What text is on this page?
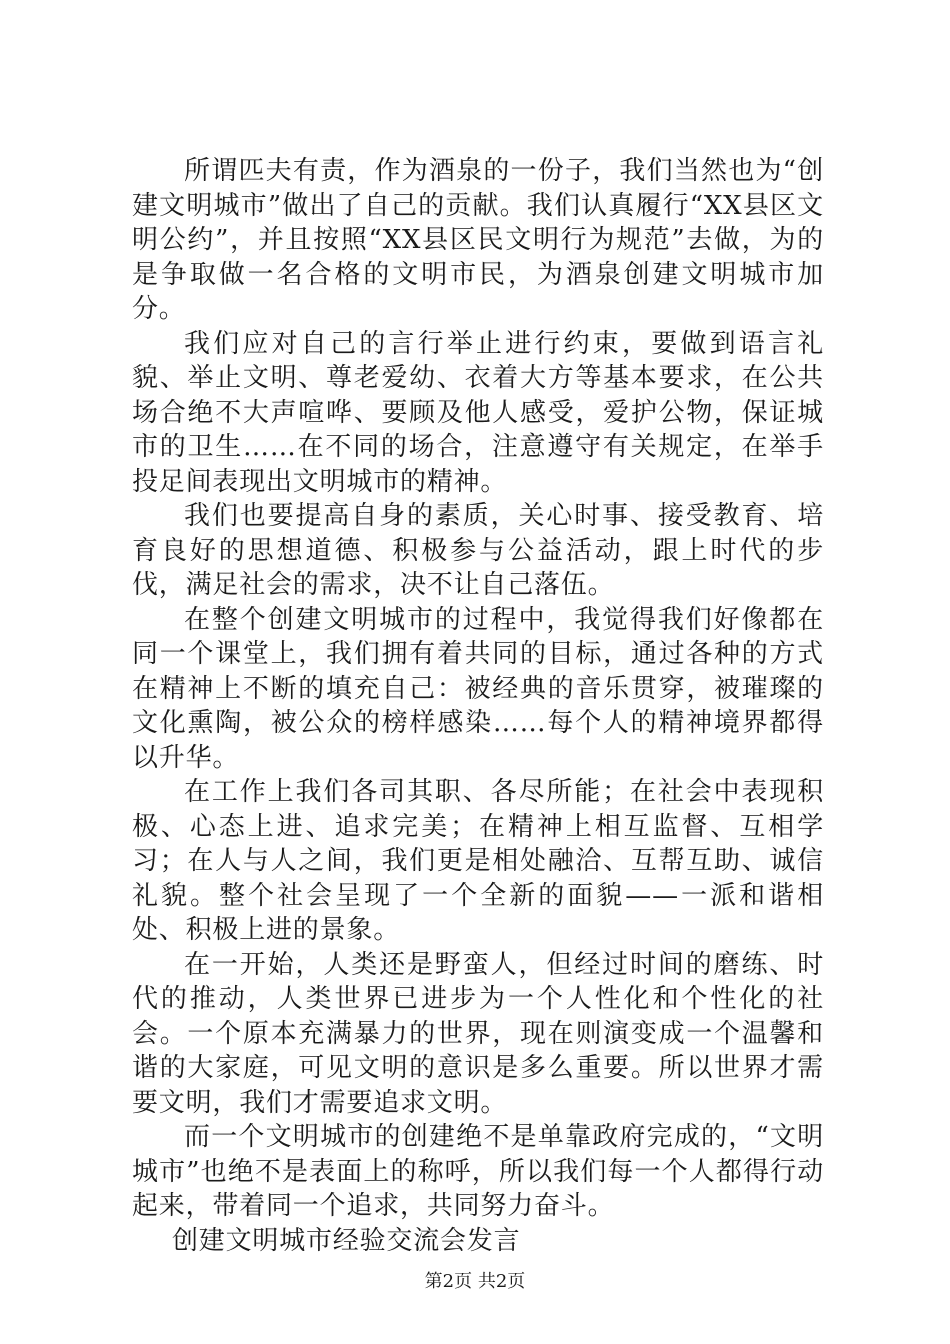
所谓匹夫有责，作为酒泉的一份子，我们当然也为“创建文明城市”做出了自己的贡献。我们认真履行“XX县区文明公约”，并且按照“XX县区民文明行为规范”去做，为的是争取做一名合格的文明市民，为酒泉创建文明城市加分。

我们应对自己的言行举止进行约束，要做到语言礼貌、举止文明、尊老爱幼、衣着大方等基本要求，在公共场合绝不大声喧哗、要顾及他人感受，爱护公物，保证城市的卫生……在不同的场合，注意遵守有关规定，在举手投足间表现出文明城市的精神。

我们也要提高自身的素质，关心时事、接受教育、培育良好的思想道德、积极参与公益活动，跟上时代的步伐，满足社会的需求，决不让自己落伍。

在整个创建文明城市的过程中，我觉得我们好像都在同一个课堂上，我们拥有着共同的目标，通过各种的方式在精神上不断的填充自己：被经典的音乐贯穿，被璀璨的文化熏陶，被公众的榜样感染……每个人的精神境界都得以升华。

在工作上我们各司其职、各尽所能；在社会中表现积极、心态上进、追求完美；在精神上相互监督、互相学习；在人与人之间，我们更是相处融洽、互帮互助、诚信礼貌。整个社会呈现了一个全新的面貌——一派和谐相处、积极上进的景象。

在一开始，人类还是野蛮人，但经过时间的磨练、时代的推动，人类世界已进步为一个人性化和个性化的社会。一个原本充满暴力的世界，现在则演变成一个温馨和谐的大家庭，可见文明的意识是多么重要。所以世界才需要文明，我们才需要追求文明。

而一个文明城市的创建绝不是单靠政府完成的，“文明城市”也绝不是表面上的称呼，所以我们每一个人都得行动起来，带着同一个追求，共同努力奋斗。

创建文明城市经验交流会发言

第2页 共2页
